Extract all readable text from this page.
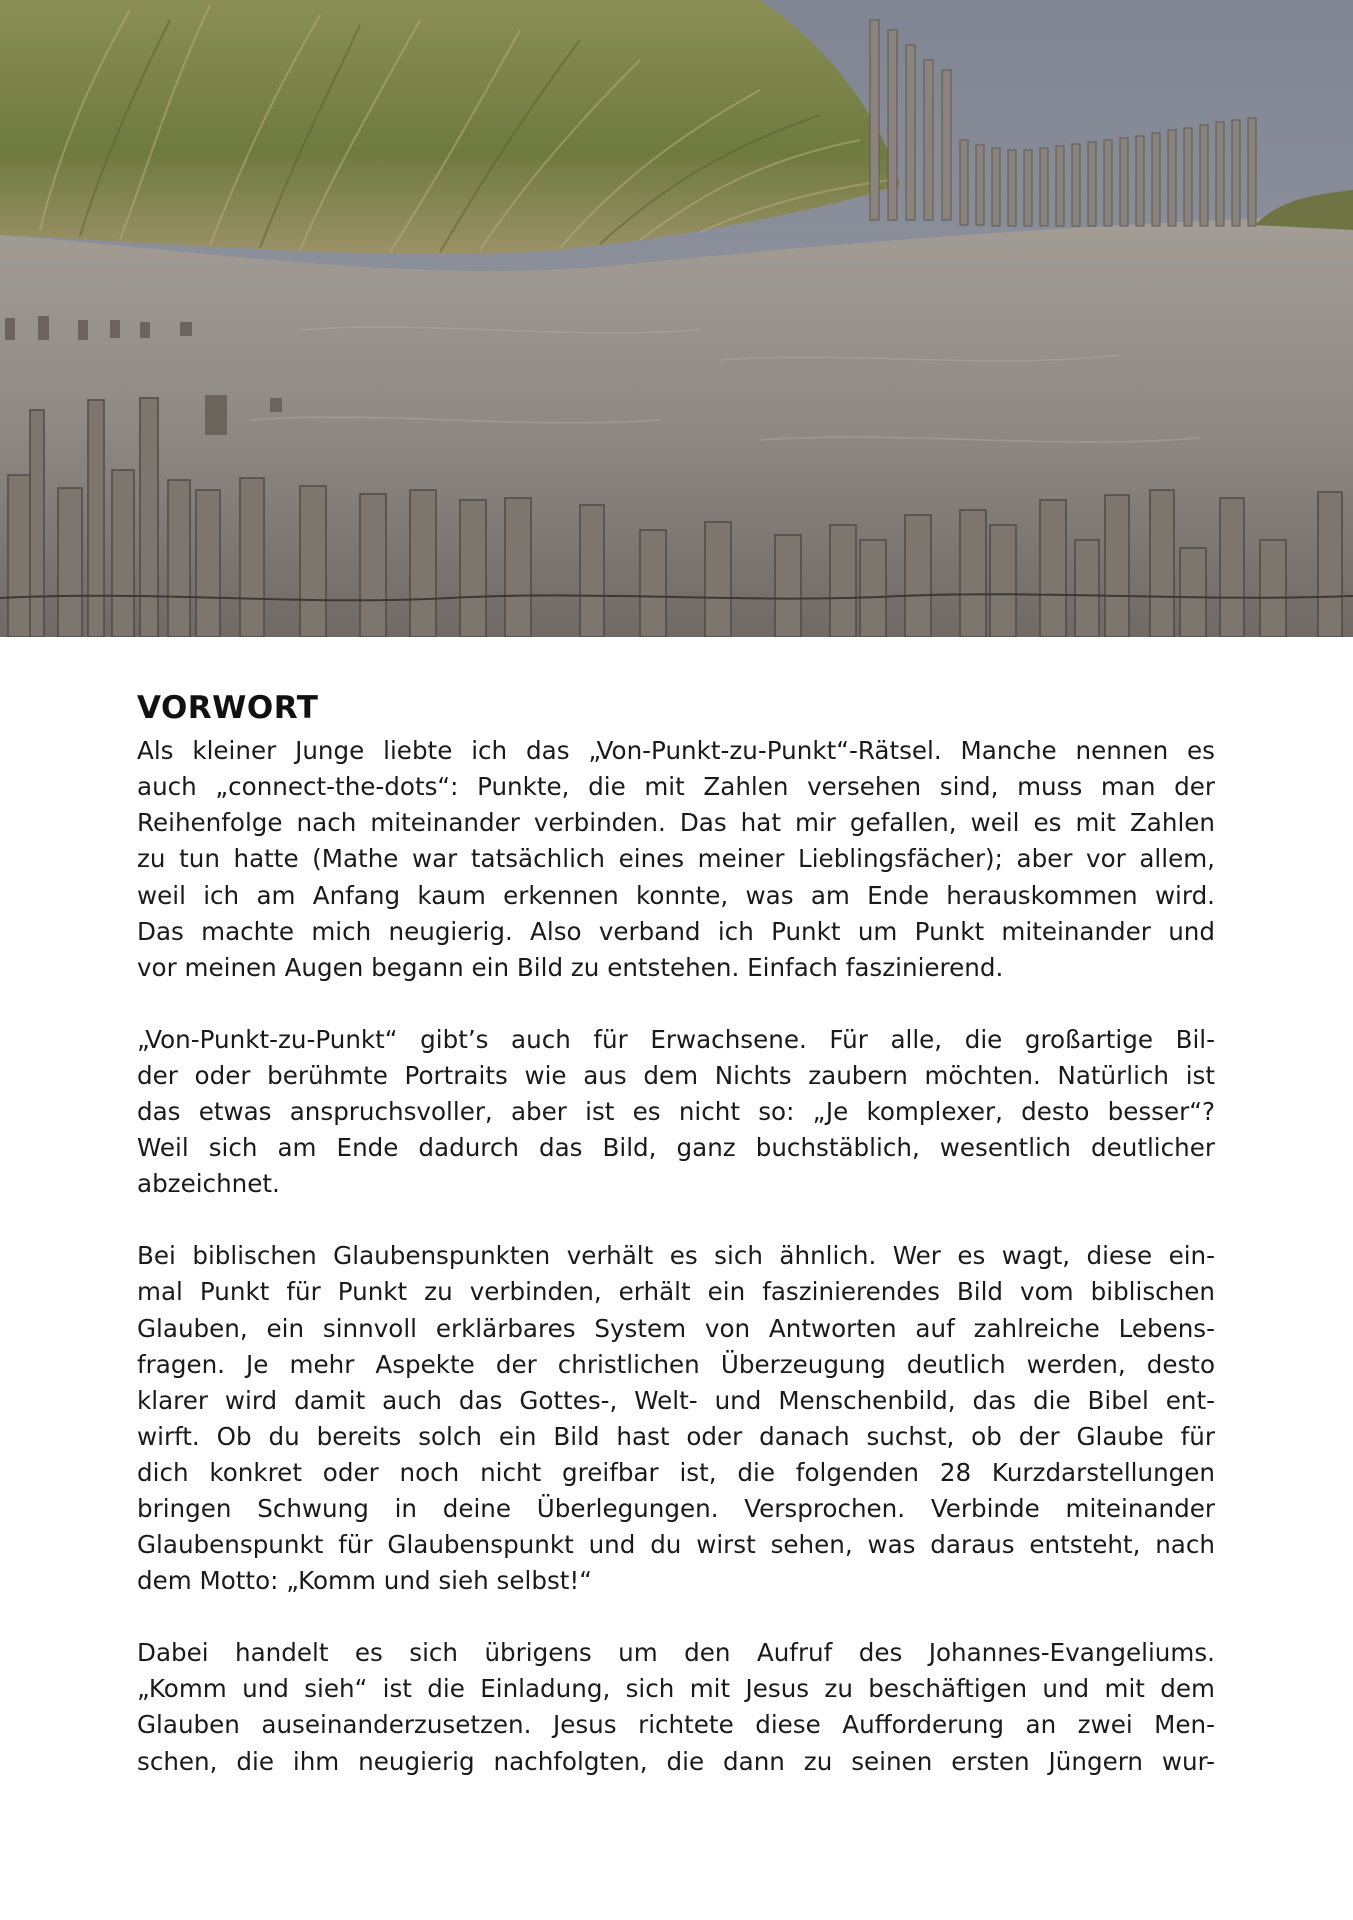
VORWORT
Als kleiner Junge liebte ich das „Von-Punkt-zu-Punkt“-Rätsel. Manche nennen es
auch „connect-the-dots“: Punkte, die mit Zahlen versehen sind, muss man der
Reihenfolge nach miteinander verbinden. Das hat mir gefallen, weil es mit Zahlen
zu tun hatte (Mathe war tatsächlich eines meiner Lieblingsfächer); aber vor allem,
weil ich am Anfang kaum erkennen konnte, was am Ende herauskommen wird.
Das machte mich neugierig. Also verband ich Punkt um Punkt miteinander und
vor meinen Augen begann ein Bild zu entstehen. Einfach faszinierend.
„Von-Punkt-zu-Punkt“ gibt’s auch für Erwachsene. Für alle, die großartige Bil-
der oder berühmte Portraits wie aus dem Nichts zaubern möchten. Natürlich ist
das etwas anspruchsvoller, aber ist es nicht so: „Je komplexer, desto besser“?
Weil sich am Ende dadurch das Bild, ganz buchstäblich, wesentlich deutlicher
abzeichnet.
Bei biblischen Glaubenspunkten verhält es sich ähnlich. Wer es wagt, diese ein-
mal Punkt für Punkt zu verbinden, erhält ein faszinierendes Bild vom biblischen
Glauben, ein sinnvoll erklärbares System von Antworten auf zahlreiche Lebens-
fragen. Je mehr Aspekte der christlichen Überzeugung deutlich werden, desto
klarer wird damit auch das Gottes-, Welt- und Menschenbild, das die Bibel ent-
wirft. Ob du bereits solch ein Bild hast oder danach suchst, ob der Glaube für
dich konkret oder noch nicht greifbar ist, die folgenden 28 Kurzdarstellungen
bringen Schwung in deine Überlegungen. Versprochen. Verbinde miteinander
Glaubenspunkt für Glaubenspunkt und du wirst sehen, was daraus entsteht, nach
dem Motto: „Komm und sieh selbst!“
Dabei handelt es sich übrigens um den Aufruf des Johannes-Evangeliums.
„Komm und sieh“ ist die Einladung, sich mit Jesus zu beschäftigen und mit dem
Glauben auseinanderzusetzen. Jesus richtete diese Aufforderung an zwei Men-
schen, die ihm neugierig nachfolgten, die dann zu seinen ersten Jüngern wur-
